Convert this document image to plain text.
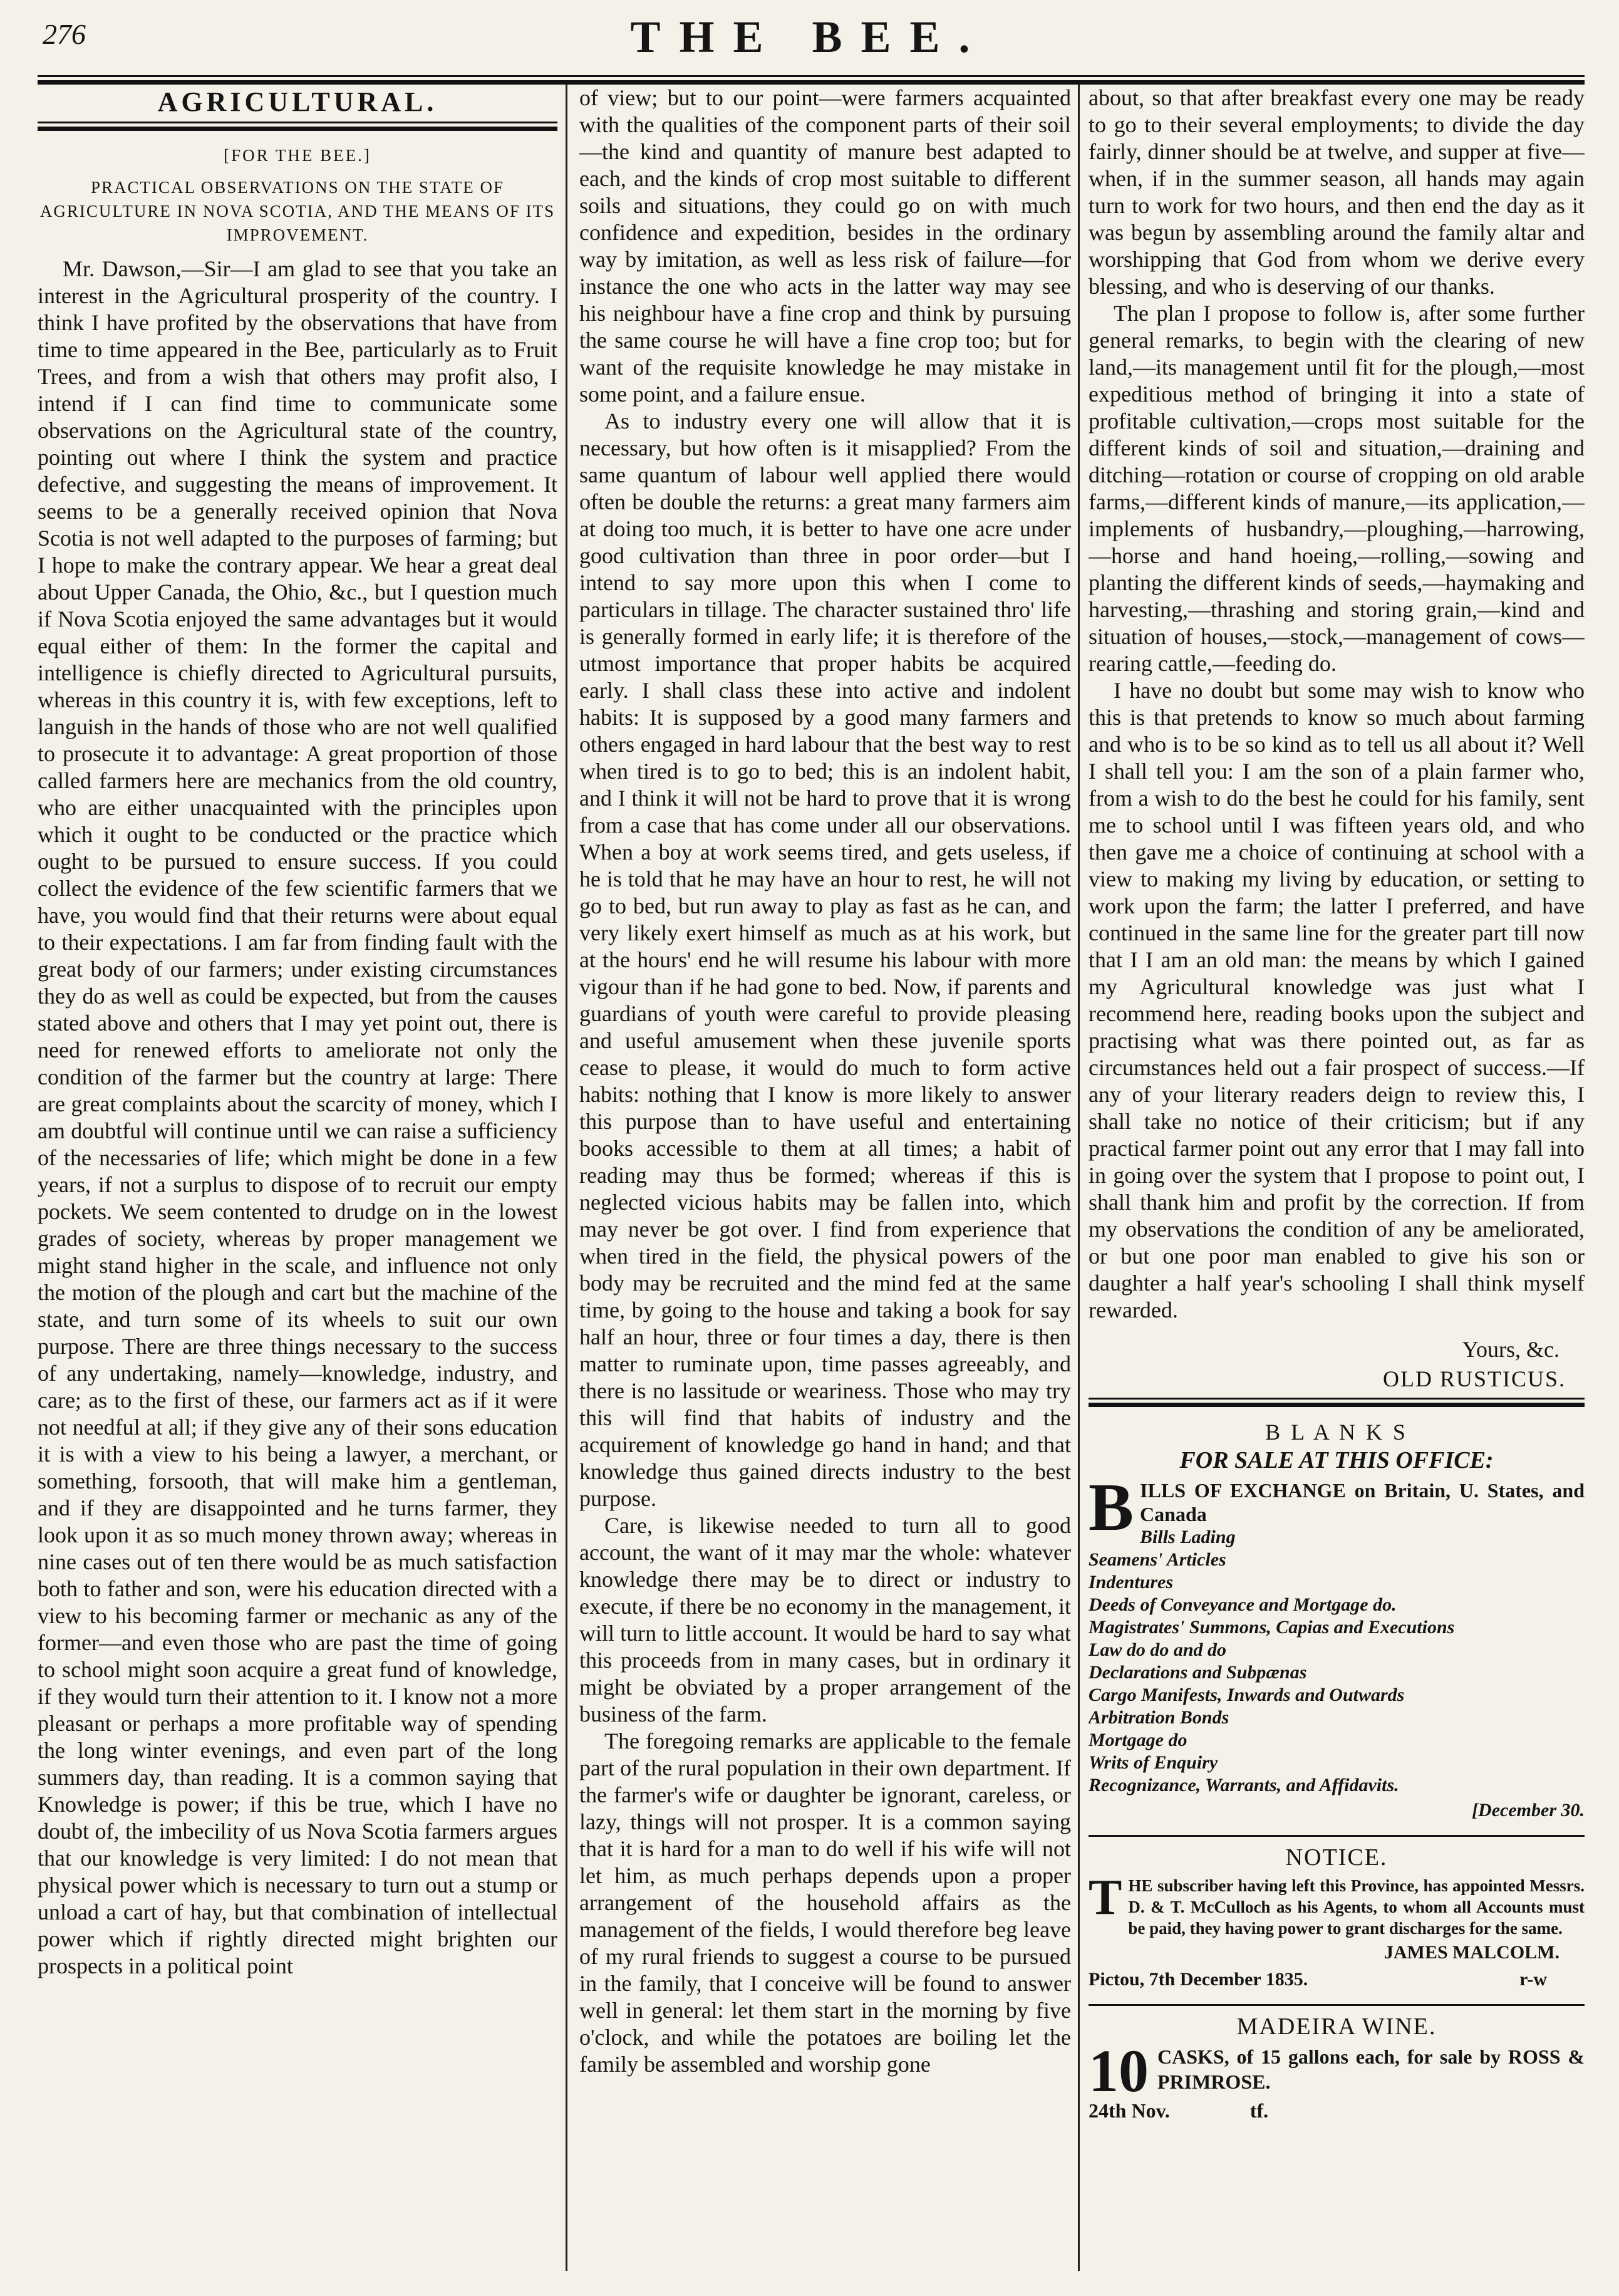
276	THE BEE.
AGRICULTURAL.
[FOR THE BEE.]
PRACTICAL OBSERVATIONS ON THE STATE OF AGRICULTURE IN NOVA SCOTIA, AND THE MEANS OF ITS IMPROVEMENT.

Mr. Dawson,—Sir—I am glad to see that you take an interest in the Agricultural prosperity of the country. I think I have profited by the observations that have from time to time appeared in the Bee, particularly as to Fruit Trees, and from a wish that others may profit also, I intend if I can find time to communicate some observations on the Agricultural state of the country, pointing out where I think the system and practice defective, and suggesting the means of improvement. It seems to be a generally received opinion that Nova Scotia is not well adapted to the purposes of farming; but I hope to make the contrary appear. We hear a great deal about Upper Canada, the Ohio, &c., but I question much if Nova Scotia enjoyed the same advantages but it would equal either of them: In the former the capital and intelligence is chiefly directed to Agricultural pursuits, whereas in this country it is, with few exceptions, left to languish in the hands of those who are not well qualified to prosecute it to advantage: A great proportion of those called farmers here are mechanics from the old country, who are either unacquainted with the principles upon which it ought to be conducted or the practice which ought to be pursued to ensure success. If you could collect the evidence of the few scientific farmers that we have, you would find that their returns were about equal to their expectations. I am far from finding fault with the great body of our farmers; under existing circumstances they do as well as could be expected, but from the causes stated above and others that I may yet point out, there is need for renewed efforts to ameliorate not only the condition of the farmer but the country at large: There are great complaints about the scarcity of money, which I am doubtful will continue until we can raise a sufficiency of the necessaries of life; which might be done in a few years, if not a surplus to dispose of to recruit our empty pockets. We seem contented to drudge on in the lowest grades of society, whereas by proper management we might stand higher in the scale, and influence not only the motion of the plough and cart but the machine of the state, and turn some of its wheels to suit our own purpose. There are three things necessary to the success of any undertaking, namely—knowledge, industry, and care; as to the first of these, our farmers act as if it were not needful at all; if they give any of their sons education it is with a view to his being a lawyer, a merchant, or something, forsooth, that will make him a gentleman, and if they are disappointed and he turns farmer, they look upon it as so much money thrown away; whereas in nine cases out of ten there would be as much satisfaction both to father and son, were his education directed with a view to his becoming farmer or mechanic as any of the former—and even those who are past the time of going to school might soon acquire a great fund of knowledge, if they would turn their attention to it. I know not a more pleasant or perhaps a more profitable way of spending the long winter evenings, and even part of the long summers day, than reading. It is a common saying that Knowledge is power; if this be true, which I have no doubt of, the imbecility of us Nova Scotia farmers argues that our knowledge is very limited: I do not mean that physical power which is necessary to turn out a stump or unload a cart of hay, but that combination of intellectual power which if rightly directed might brighten our prospects in a political point

of view; but to our point—were farmers acquainted with the qualities of the component parts of their soil—the kind and quantity of manure best adapted to each, and the kinds of crop most suitable to different soils and situations, they could go on with much confidence and expedition, besides in the ordinary way by imitation, as well as less risk of failure—for instance the one who acts in the latter way may see his neighbour have a fine crop and think by pursuing the same course he will have a fine crop too; but for want of the requisite knowledge he may mistake in some point, and a failure ensue.

As to industry every one will allow that it is necessary, but how often is it misapplied? From the same quantum of labour well applied there would often be double the returns: a great many farmers aim at doing too much, it is better to have one acre under good cultivation than three in poor order—but I intend to say more upon this when I come to particulars in tillage. The character sustained thro' life is generally formed in early life; it is therefore of the utmost importance that proper habits be acquired early. I shall class these into active and indolent habits: It is supposed by a good many farmers and others engaged in hard labour that the best way to rest when tired is to go to bed; this is an indolent habit, and I think it will not be hard to prove that it is wrong from a case that has come under all our observations. When a boy at work seems tired, and gets useless, if he is told that he may have an hour to rest, he will not go to bed, but run away to play as fast as he can, and very likely exert himself as much as at his work, but at the hours' end he will resume his labour with more vigour than if he had gone to bed. Now, if parents and guardians of youth were careful to provide pleasing and useful amusement when these juvenile sports cease to please, it would do much to form active habits: nothing that I know is more likely to answer this purpose than to have useful and entertaining books accessible to them at all times; a habit of reading may thus be formed; whereas if this is neglected vicious habits may be fallen into, which may never be got over. I find from experience that when tired in the field, the physical powers of the body may be recruited and the mind fed at the same time, by going to the house and taking a book for say half an hour, three or four times a day, there is then matter to ruminate upon, time passes agreeably, and there is no lassitude or weariness. Those who may try this will find that habits of industry and the acquirement of knowledge go hand in hand; and that knowledge thus gained directs industry to the best purpose.

Care, is likewise needed to turn all to good account, the want of it may mar the whole: whatever knowledge there may be to direct or industry to execute, if there be no economy in the management, it will turn to little account. It would be hard to say what this proceeds from in many cases, but in ordinary it might be obviated by a proper arrangement of the business of the farm.

The foregoing remarks are applicable to the female part of the rural population in their own department. If the farmer's wife or daughter be ignorant, careless, or lazy, things will not prosper. It is a common saying that it is hard for a man to do well if his wife will not let him, as much perhaps depends upon a proper arrangement of the household affairs as the management of the fields, I would therefore beg leave of my rural friends to suggest a course to be pursued in the family, that I conceive will be found to answer well in general: let them start in the morning by five o'clock, and while the potatoes are boiling let the family be assembled and worship gone

about, so that after breakfast every one may be ready to go to their several employments; to divide the day fairly, dinner should be at twelve, and supper at five—when, if in the summer season, all hands may again turn to work for two hours, and then end the day as it was begun by assembling around the family altar and worshipping that God from whom we derive every blessing, and who is deserving of our thanks.

The plan I propose to follow is, after some further general remarks, to begin with the clearing of new land,—its management until fit for the plough,—most expeditious method of bringing it into a state of profitable cultivation,—crops most suitable for the different kinds of soil and situation,—draining and ditching—rotation or course of cropping on old arable farms,—different kinds of manure,—its application,—implements of husbandry,—ploughing,—harrowing,—horse and hand hoeing,—rolling,—sowing and planting the different kinds of seeds,—haymaking and harvesting,—thrashing and storing grain,—kind and situation of houses,—stock,—management of cows—rearing cattle,—feeding do.

I have no doubt but some may wish to know who this is that pretends to know so much about farming and who is to be so kind as to tell us all about it? Well I shall tell you: I am the son of a plain farmer who, from a wish to do the best he could for his family, sent me to school until I was fifteen years old, and who then gave me a choice of continuing at school with a view to making my living by education, or setting to work upon the farm; the latter I preferred, and have continued in the same line for the greater part till now that I I am an old man: the means by which I gained my Agricultural knowledge was just what I recommend here, reading books upon the subject and practising what was there pointed out, as far as circumstances held out a fair prospect of success.—If any of your literary readers deign to review this, I shall take no notice of their criticism; but if any practical farmer point out any error that I may fall into in going over the system that I propose to point out, I shall thank him and profit by the correction. If from my observations the condition of any be ameliorated, or but one poor man enabled to give his son or daughter a half year's schooling I shall think myself rewarded.

Yours, &c.
OLD RUSTICUS.
B L A N K S
FOR SALE AT THIS OFFICE:
B ILLS OF EXCHANGE on Britain, U. States, and Canada
Bills Lading
Seamens' Articles
Indentures
Deeds of Conveyance and Mortgage do.
Magistrates' Summons, Capias and Executions
Law do do and do
Declarations and Subpænas
Cargo Manifests, Inwards and Outwards
Arbitration Bonds
Mortgage do
Writs of Enquiry
Recognizance, Warrants, and Affidavits.
[December 30.
NOTICE.
THE subscriber having left this Province, has appointed Messrs. D. & T. McCulloch as his Agents, to whom all Accounts must be paid, they having power to grant discharges for the same.
JAMES MALCOLM.
Pictou, 7th December 1835.	r-w
MADEIRA WINE.
10 CASKS, of 15 gallons each, for sale by ROSS & PRIMROSE.
24th Nov.	tf.
